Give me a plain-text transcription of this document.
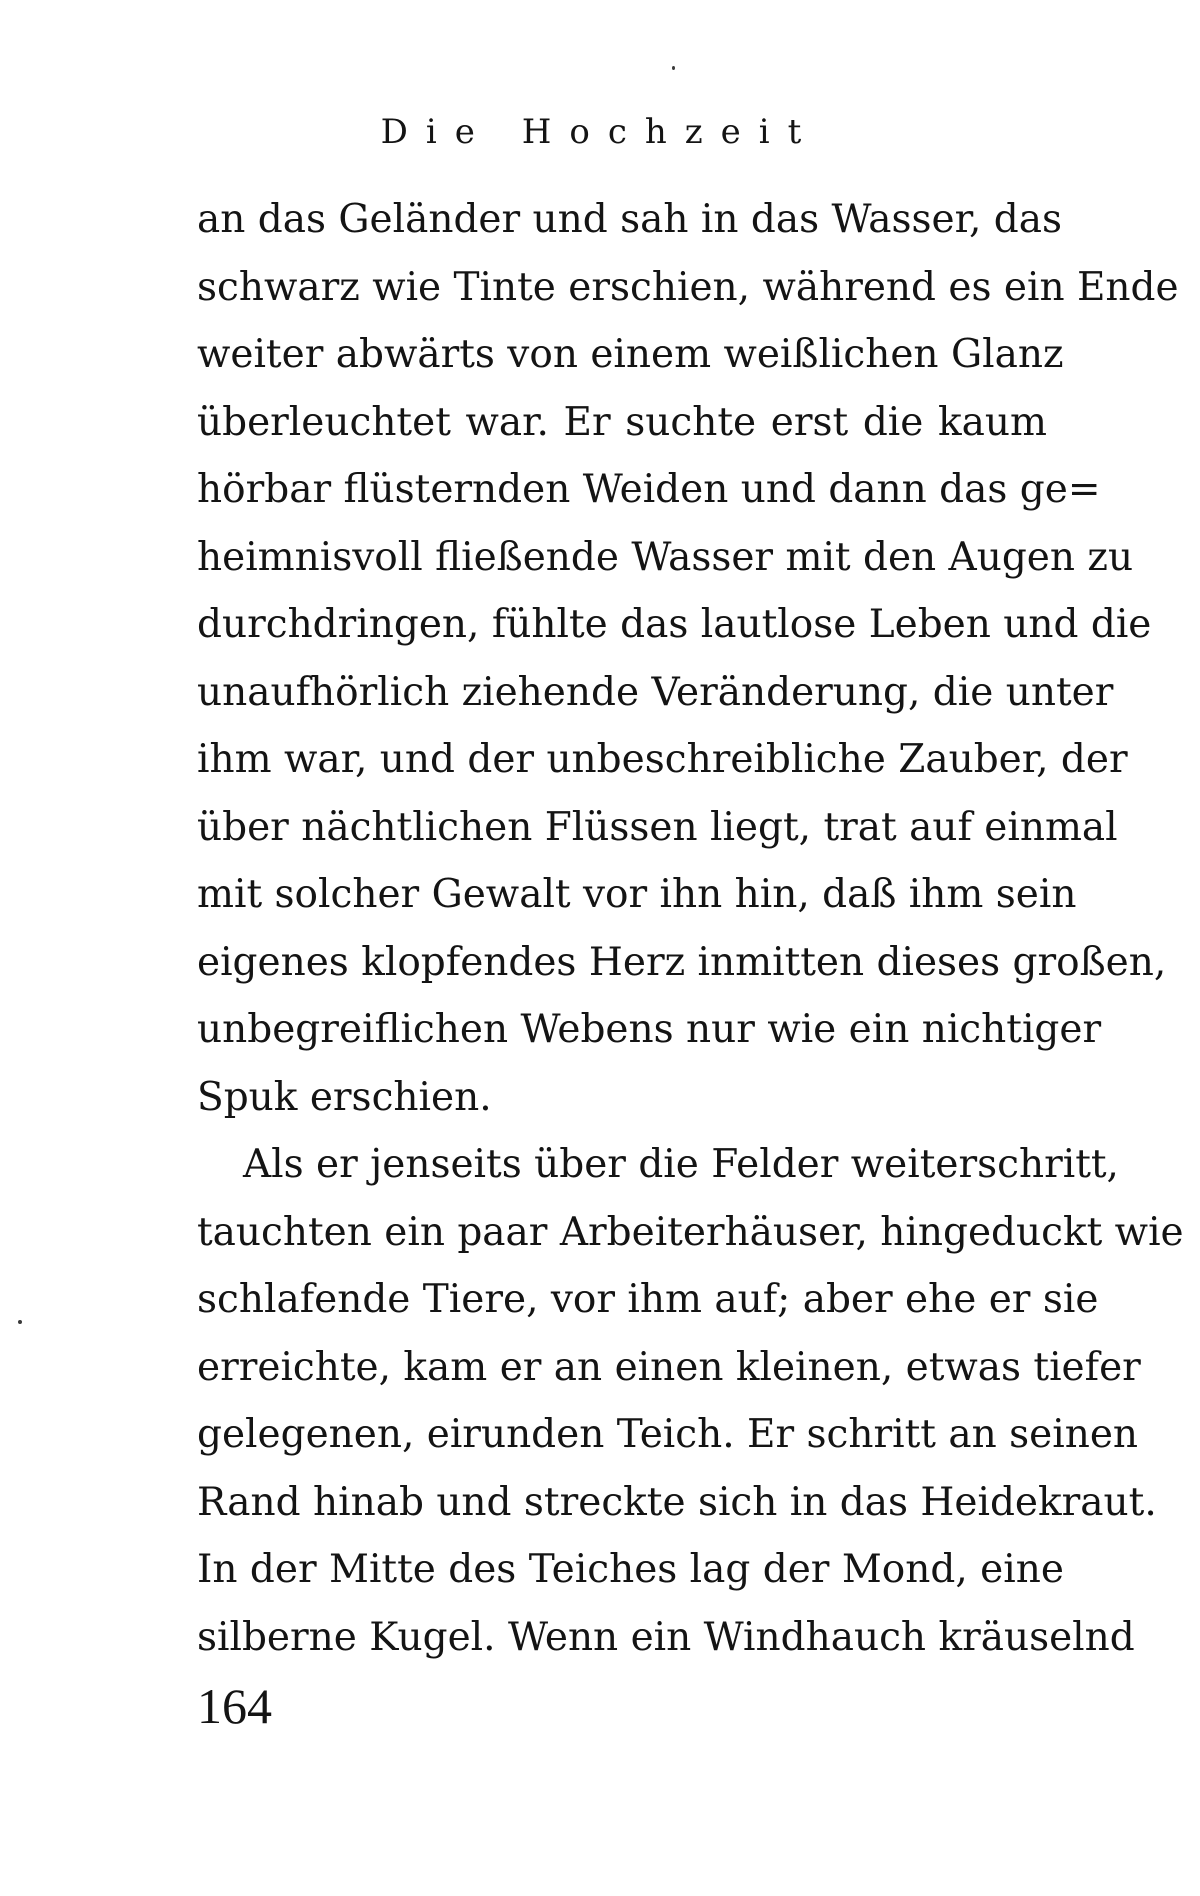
Die Hochzeit
an das Geländer und sah in das Wasser, das
schwarz wie Tinte erschien, während es ein Ende
weiter abwärts von einem weißlichen Glanz
überleuchtet war. Er suchte erst die kaum
hörbar flüsternden Weiden und dann das ge=
heimnisvoll fließende Wasser mit den Augen zu
durchdringen, fühlte das lautlose Leben und die
unaufhörlich ziehende Veränderung, die unter
ihm war, und der unbeschreibliche Zauber, der
über nächtlichen Flüssen liegt, trat auf einmal
mit solcher Gewalt vor ihn hin, daß ihm sein
eigenes klopfendes Herz inmitten dieses großen,
unbegreiflichen Webens nur wie ein nichtiger
Spuk erschien.
Als er jenseits über die Felder weiterschritt,
tauchten ein paar Arbeiterhäuser, hingeduckt wie
schlafende Tiere, vor ihm auf; aber ehe er sie
erreichte, kam er an einen kleinen, etwas tiefer
gelegenen, eirunden Teich. Er schritt an seinen
Rand hinab und streckte sich in das Heidekraut.
In der Mitte des Teiches lag der Mond, eine
silberne Kugel. Wenn ein Windhauch kräuselnd
164
